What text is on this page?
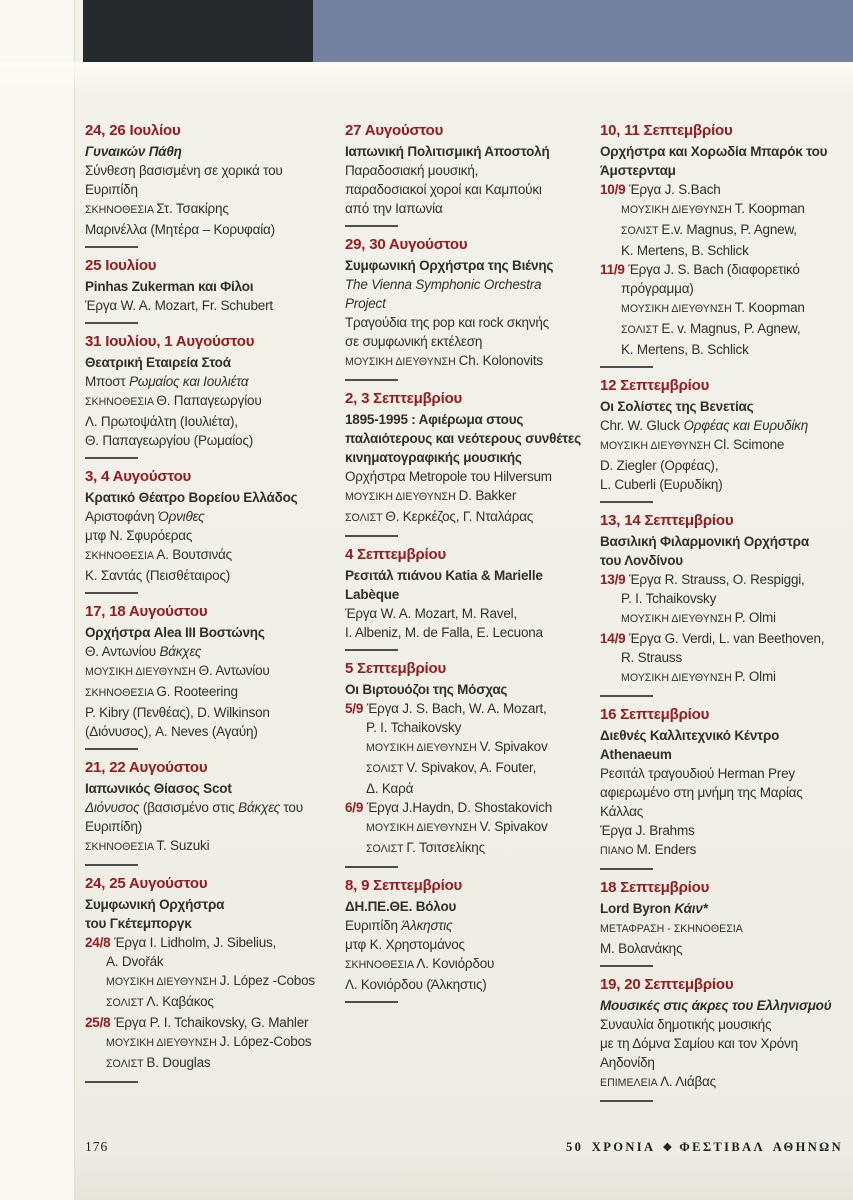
24, 26 Ιουλίου

Γυναικών Πάθη

Σύνθεση βασισμένη σε χορικά του

Ευριπίδη

ΣΚΗΝΟΘΕΣΙΑ Στ. Τσακίρης

Μαρινέλλα (Μητέρα – Κορυφαία)

25 Ιουλίου

Pinhas Zukerman και Φίλοι

Έργα W. A. Mozart, Fr. Schubert

31 Ιουλίου, 1 Αυγούστου

Θεατρική Εταιρεία Στοά

Μποστ Ρωμαίος και Ιουλιέτα

ΣΚΗΝΟΘΕΣΙΑ Θ. Παπαγεωργίου

Λ. Πρωτοψάλτη (Ιουλιέτα),

Θ. Παπαγεωργίου (Ρωμαίος)

3, 4 Αυγούστου

Κρατικό Θέατρο Βορείου Ελλάδος

Αριστοφάνη Όρνιθες

μτφ Ν. Σφυρόερας

ΣΚΗΝΟΘΕΣΙΑ Α. Βουτσινάς

Κ. Σαντάς (Πεισθέταιρος)

17, 18 Αυγούστου

Ορχήστρα Alea III Βοστώνης

Θ. Αντωνίου Βάκχες

ΜΟΥΣΙΚΗ ΔΙΕΥΘΥΝΣΗ Θ. Αντωνίου

ΣΚΗΝΟΘΕΣΙΑ G. Rooteering

P. Kibry (Πενθέας), D. Wilkinson

(Διόνυσος), A. Neves (Αγαύη)

21, 22 Αυγούστου

Ιαπωνικός Θίασος Scot

Διόνυσος (βασισμένο στις Βάκχες του

Ευριπίδη)

ΣΚΗΝΟΘΕΣΙΑ T. Suzuki

24, 25 Αυγούστου

Συμφωνική Ορχήστρα

του Γκέτεμποργκ

24/8 Έργα I. Lidholm, J. Sibelius,

A. Dvořák

ΜΟΥΣΙΚΗ ΔΙΕΥΘΥΝΣΗ J. López -Cobos

ΣΟΛΙΣΤ Λ. Καβάκος

25/8 Έργα P. I. Tchaikovsky, G. Mahler

ΜΟΥΣΙΚΗ ΔΙΕΥΘΥΝΣΗ J. López-Cobos

ΣΟΛΙΣΤ B. Douglas

27 Αυγούστου

Ιαπωνική Πολιτισμική Αποστολή

Παραδοσιακή μουσική,

παραδοσιακοί χοροί και Καμπούκι

από την Ιαπωνία

29, 30 Αυγούστου

Συμφωνική Ορχήστρα της Βιένης

The Vienna Symphonic Orchestra

Project

Τραγούδια της pop και rock σκηνής

σε συμφωνική εκτέλεση

ΜΟΥΣΙΚΗ ΔΙΕΥΘΥΝΣΗ Ch. Kolonovits

2, 3 Σεπτεμβρίου

1895-1995 : Αφιέρωμα στους

παλαιότερους και νεότερους συνθέτες

κινηματογραφικής μουσικής

Ορχήστρα Metropole του Hilversum

ΜΟΥΣΙΚΗ ΔΙΕΥΘΥΝΣΗ D. Bakker

ΣΟΛΙΣΤ Θ. Κερκέζος, Γ. Νταλάρας

4 Σεπτεμβρίου

Ρεσιτάλ πιάνου Katia & Marielle

Labèque

Έργα W. A. Mozart, M. Ravel,

I. Albeniz, M. de Falla, E. Lecuona

5 Σεπτεμβρίου

Οι Βιρτουόζοι της Μόσχας

5/9 Έργα J. S. Bach, W. A. Mozart,

P. I. Tchaikovsky

ΜΟΥΣΙΚΗ ΔΙΕΥΘΥΝΣΗ V. Spivakov

ΣΟΛΙΣΤ V. Spivakov, A. Fouter,

Δ. Καρά

6/9 Έργα J.Haydn, D. Shostakovich

ΜΟΥΣΙΚΗ ΔΙΕΥΘΥΝΣΗ V. Spivakov

ΣΟΛΙΣΤ Γ. Τσιτσελίκης

8, 9 Σεπτεμβρίου

ΔΗ.ΠΕ.ΘΕ. Βόλου

Ευριπίδη Άλκηστις

μτφ Κ. Χρηστομάνος

ΣΚΗΝΟΘΕΣΙΑ Λ. Κονιόρδου

Λ. Κονιόρδου (Άλκηστις)

10, 11 Σεπτεμβρίου

Ορχήστρα και Χορωδία Μπαρόκ του

Άμστερνταμ

10/9 Έργα J. S.Bach

ΜΟΥΣΙΚΗ ΔΙΕΥΘΥΝΣΗ T. Koopman

ΣΟΛΙΣΤ E.v. Magnus, P. Agnew,

K. Mertens, B. Schlick

11/9 Έργα J. S. Bach (διαφορετικό

πρόγραμμα)

ΜΟΥΣΙΚΗ ΔΙΕΥΘΥΝΣΗ T. Koopman

ΣΟΛΙΣΤ E. v. Magnus, P. Agnew,

K. Mertens, B. Schlick

12 Σεπτεμβρίου

Οι Σολίστες της Βενετίας

Chr. W. Gluck Ορφέας και Ευρυδίκη

ΜΟΥΣΙΚΗ ΔΙΕΥΘΥΝΣΗ Cl. Scimone

D. Ziegler (Ορφέας),

L. Cuberli (Ευρυδίκη)

13, 14 Σεπτεμβρίου

Βασιλική Φιλαρμονική Ορχήστρα

του Λονδίνου

13/9 Έργα R. Strauss, O. Respiggi,

P. I. Tchaikovsky

ΜΟΥΣΙΚΗ ΔΙΕΥΘΥΝΣΗ P. Olmi

14/9 Έργα G. Verdi, L. van Beethoven,

R. Strauss

ΜΟΥΣΙΚΗ ΔΙΕΥΘΥΝΣΗ P. Olmi

16 Σεπτεμβρίου

Διεθνές Καλλιτεχνικό Κέντρο

Athenaeum

Ρεσιτάλ τραγουδιού Herman Prey

αφιερωμένο στη μνήμη της Μαρίας

Κάλλας

Έργα J. Brahms

ΠΙΑΝΟ M. Enders

18 Σεπτεμβρίου

Lord Byron Κάιν*

ΜΕΤΑΦΡΑΣΗ - ΣΚΗΝΟΘΕΣΙΑ

Μ. Βολανάκης

19, 20 Σεπτεμβρίου

Μουσικές στις άκρες του Ελληνισμού

Συναυλία δημοτικής μουσικής

με τη Δόμνα Σαμίου και τον Χρόνη

Αηδονίδη

ΕΠΙΜΕΛΕΙΑ Λ. Λιάβας

176	50 ΧΡΟΝΙΑ ❖ ΦΕΣΤΙΒΑΛ ΑΘΗΝΩΝ
